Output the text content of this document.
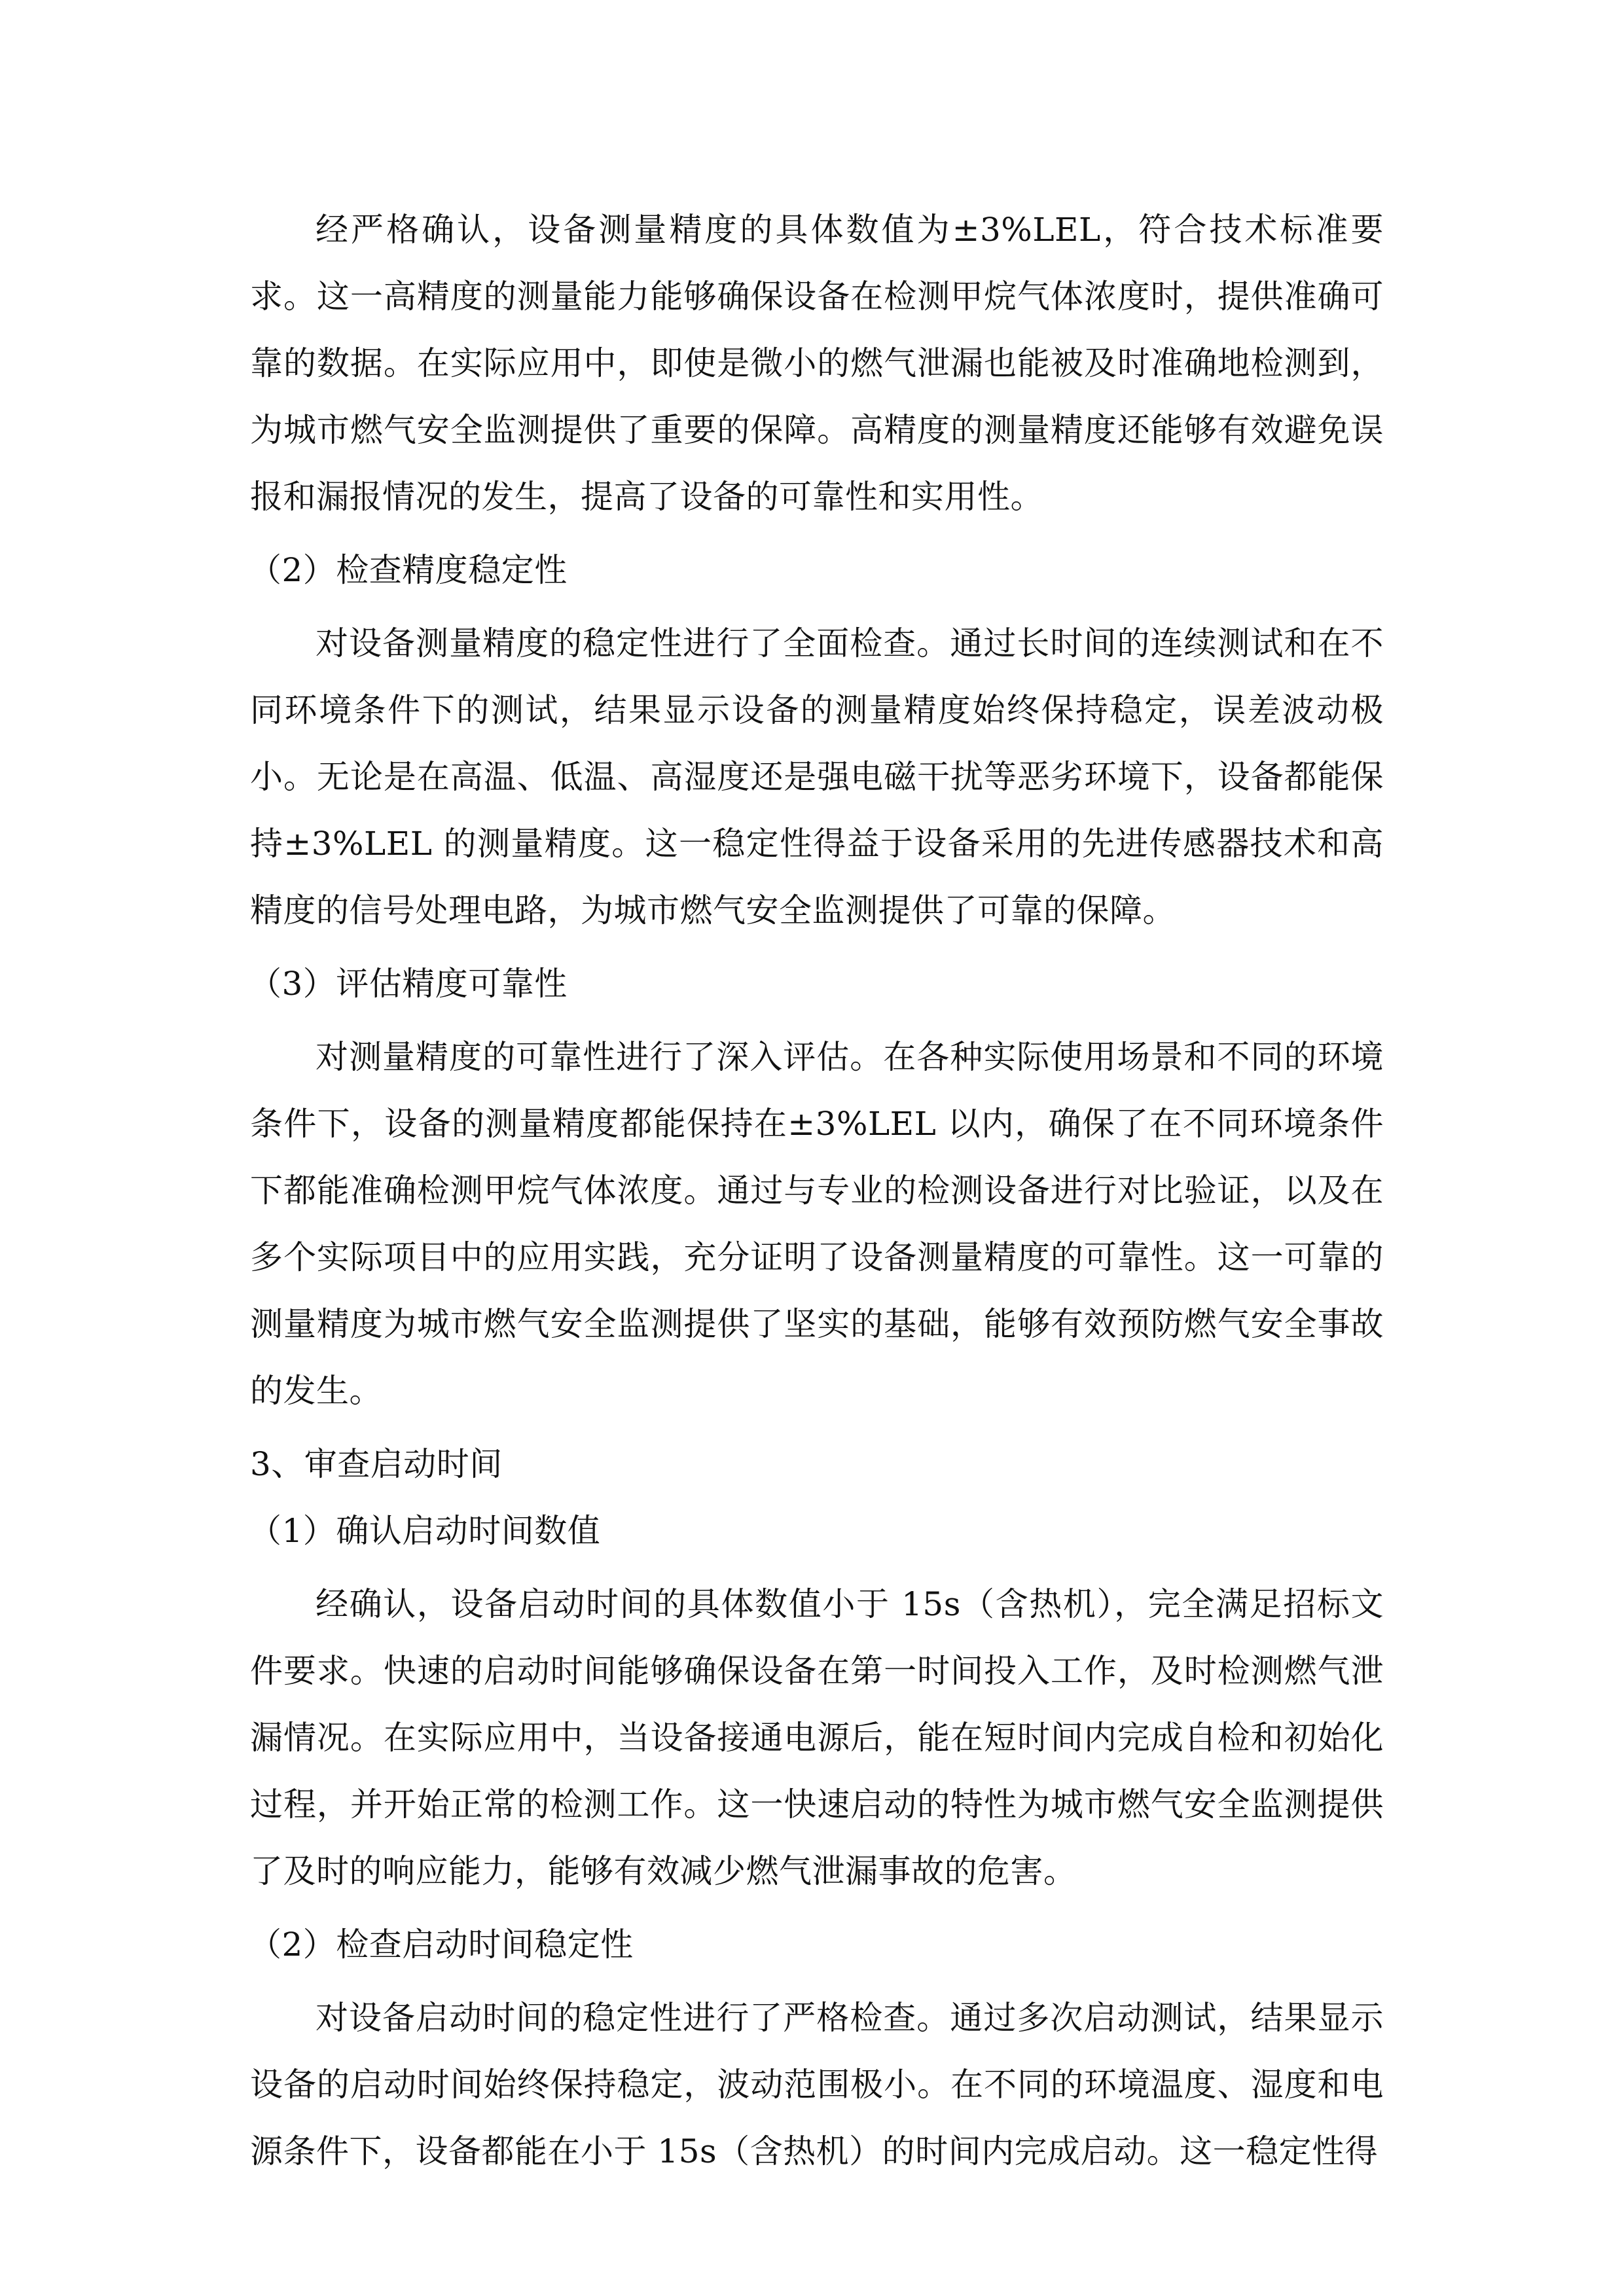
经严格确认，设备测量精度的具体数值为±3%LEL，符合技术标准要求。这一高精度的测量能力能够确保设备在检测甲烷气体浓度时，提供准确可靠的数据。在实际应用中，即使是微小的燃气泄漏也能被及时准确地检测到，为城市燃气安全监测提供了重要的保障。高精度的测量精度还能够有效避免误报和漏报情况的发生，提高了设备的可靠性和实用性。

（2）检查精度稳定性

对设备测量精度的稳定性进行了全面检查。通过长时间的连续测试和在不同环境条件下的测试，结果显示设备的测量精度始终保持稳定，误差波动极小。无论是在高温、低温、高湿度还是强电磁干扰等恶劣环境下，设备都能保持±3%LEL 的测量精度。这一稳定性得益于设备采用的先进传感器技术和高精度的信号处理电路，为城市燃气安全监测提供了可靠的保障。

（3）评估精度可靠性

对测量精度的可靠性进行了深入评估。在各种实际使用场景和不同的环境条件下，设备的测量精度都能保持在±3%LEL 以内，确保了在不同环境条件下都能准确检测甲烷气体浓度。通过与专业的检测设备进行对比验证，以及在多个实际项目中的应用实践，充分证明了设备测量精度的可靠性。这一可靠的测量精度为城市燃气安全监测提供了坚实的基础，能够有效预防燃气安全事故的发生。

3、审查启动时间

（1）确认启动时间数值

经确认，设备启动时间的具体数值小于 15s（含热机），完全满足招标文件要求。快速的启动时间能够确保设备在第一时间投入工作，及时检测燃气泄漏情况。在实际应用中，当设备接通电源后，能在短时间内完成自检和初始化过程，并开始正常的检测工作。这一快速启动的特性为城市燃气安全监测提供了及时的响应能力，能够有效减少燃气泄漏事故的危害。

（2）检查启动时间稳定性

对设备启动时间的稳定性进行了严格检查。通过多次启动测试，结果显示设备的启动时间始终保持稳定，波动范围极小。在不同的环境温度、湿度和电源条件下，设备都能在小于 15s（含热机）的时间内完成启动。这一稳定性得
